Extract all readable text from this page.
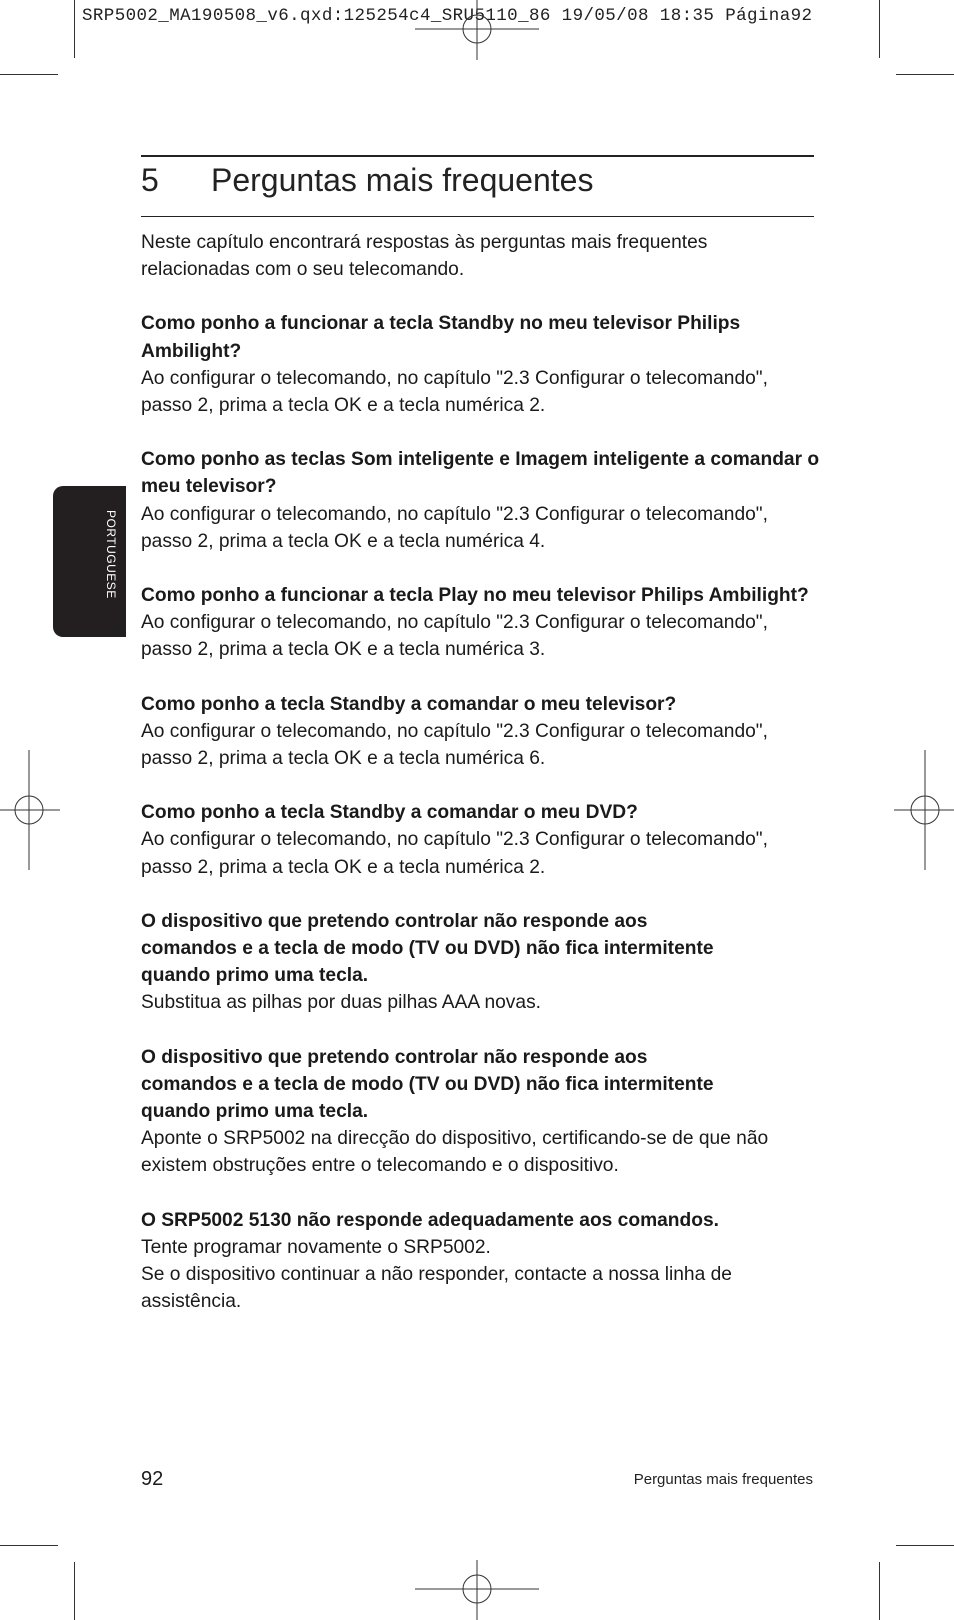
SRP5002_MA190508_v6.qxd:125254c4_SRU5110_86 19/05/08 18:35 Página92
5 Perguntas mais frequentes
PORTUGUESE

Neste capítulo encontrará respostas às perguntas mais frequentes relacionadas com o seu telecomando.

Como ponho a funcionar a tecla Standby no meu televisor Philips Ambilight?
Ao configurar o telecomando, no capítulo "2.3 Configurar o telecomando", passo 2, prima a tecla OK e a tecla numérica 2.
Como ponho as teclas Som inteligente e Imagem inteligente a comandar o meu televisor?
Ao configurar o telecomando, no capítulo "2.3 Configurar o telecomando", passo 2, prima a tecla OK e a tecla numérica 4.
Como ponho a funcionar a tecla Play no meu televisor Philips Ambilight?
Ao configurar o telecomando, no capítulo "2.3 Configurar o telecomando", passo 2, prima a tecla OK e a tecla numérica 3.
Como ponho a tecla Standby a comandar o meu televisor?
Ao configurar o telecomando, no capítulo "2.3 Configurar o telecomando", passo 2, prima a tecla OK e a tecla numérica 6.
Como ponho a tecla Standby a comandar o meu DVD?
Ao configurar o telecomando, no capítulo "2.3 Configurar o telecomando", passo 2, prima a tecla OK e a tecla numérica 2.
O dispositivo que pretendo controlar não responde aos comandos e a tecla de modo (TV ou DVD) não fica intermitente quando primo uma tecla.
Substitua as pilhas por duas pilhas AAA novas.
O dispositivo que pretendo controlar não responde aos comandos e a tecla de modo (TV ou DVD) não fica intermitente quando primo uma tecla.
Aponte o SRP5002 na direcção do dispositivo, certificando-se de que não existem obstruções entre o telecomando e o dispositivo.
O SRP5002 5130 não responde adequadamente aos comandos.
Tente programar novamente o SRP5002.
Se o dispositivo continuar a não responder, contacte a nossa linha de assistência.
92	Perguntas mais frequentes
